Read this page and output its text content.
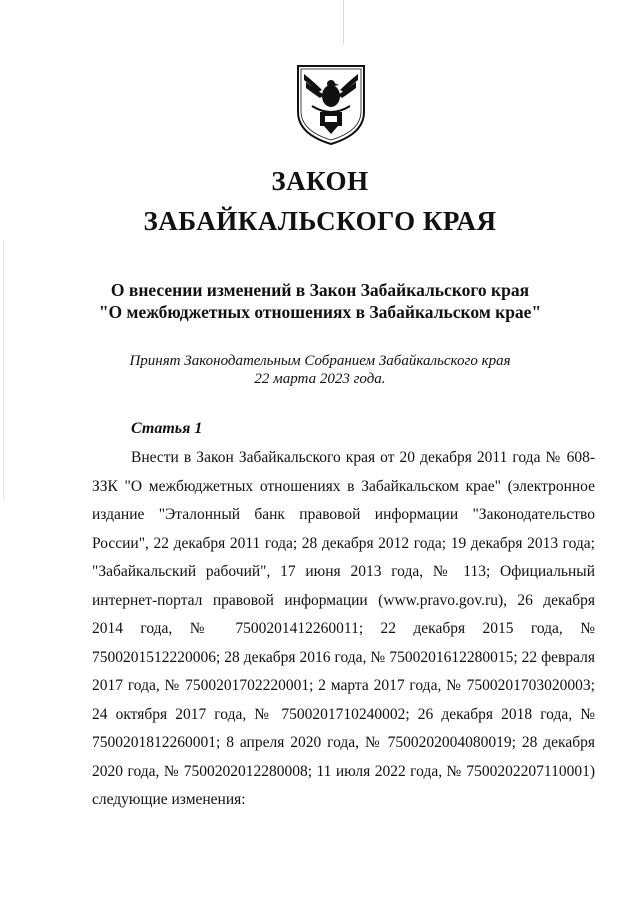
ЗАКОН
ЗАБАЙКАЛЬСКОГО КРАЯ
О внесении изменений в Закон Забайкальского края
"О межбюджетных отношениях в Забайкальском крае"
Принят Законодательным Собранием Забайкальского края
22 марта 2023 года.
Статья 1

Внести в Закон Забайкальского края от 20 декабря 2011 года № 608-ЗЗК "О межбюджетных отношениях в Забайкальском крае" (электронное издание "Эталонный банк правовой информации "Законодательство России", 22 декабря 2011 года; 28 декабря 2012 года; 19 декабря 2013 года; "Забайкальский рабочий", 17 июня 2013 года, № 113; Официальный интернет-портал правовой информации (www.pravo.gov.ru), 26 декабря 2014 года, № 7500201412260011; 22 декабря 2015 года, № 7500201512220006; 28 декабря 2016 года, № 7500201612280015; 22 февраля 2017 года, № 7500201702220001; 2 марта 2017 года, № 7500201703020003; 24 октября 2017 года, № 7500201710240002; 26 декабря 2018 года, № 7500201812260001; 8 апреля 2020 года, № 7500202004080019; 28 декабря 2020 года, № 7500202012280008; 11 июля 2022 года, № 7500202207110001) следующие изменения:
